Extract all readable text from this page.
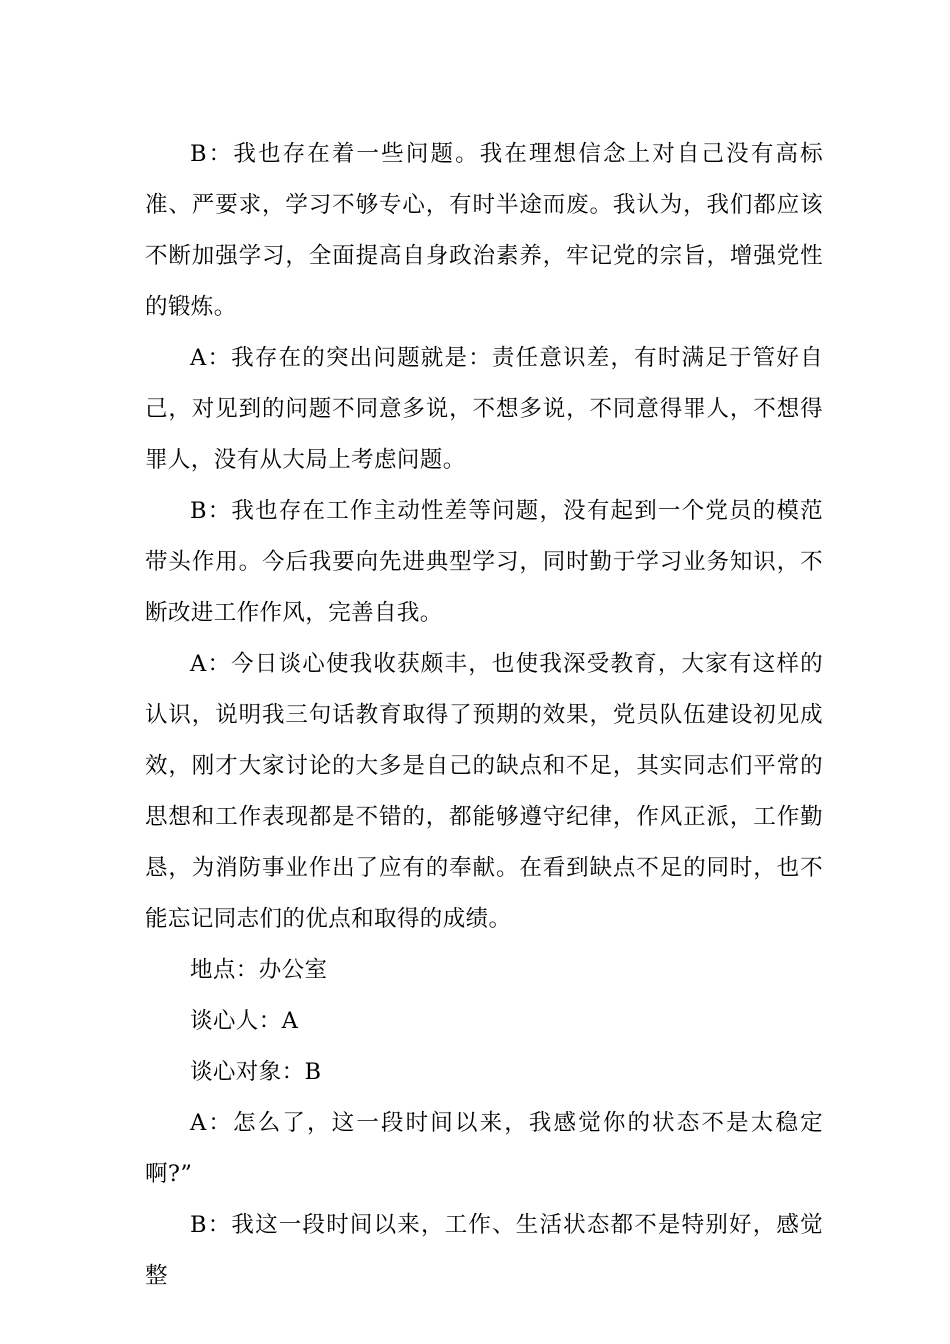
B：我也存在着一些问题。我在理想信念上对自己没有高标准、严要求，学习不够专心，有时半途而废。我认为，我们都应该不断加强学习，全面提高自身政治素养，牢记党的宗旨，增强党性的锻炼。

A：我存在的突出问题就是：责任意识差，有时满足于管好自己，对见到的问题不同意多说，不想多说，不同意得罪人，不想得罪人，没有从大局上考虑问题。

B：我也存在工作主动性差等问题，没有起到一个党员的模范带头作用。今后我要向先进典型学习，同时勤于学习业务知识，不断改进工作作风，完善自我。

A：今日谈心使我收获颇丰，也使我深受教育，大家有这样的认识，说明我三句话教育取得了预期的效果，党员队伍建设初见成效，刚才大家讨论的大多是自己的缺点和不足，其实同志们平常的思想和工作表现都是不错的，都能够遵守纪律，作风正派，工作勤恳，为消防事业作出了应有的奉献。在看到缺点不足的同时，也不能忘记同志们的优点和取得的成绩。

地点：办公室

谈心人：A

谈心对象：B

A：怎么了，这一段时间以来，我感觉你的状态不是太稳定啊?”

B：我这一段时间以来，工作、生活状态都不是特别好，感觉整
